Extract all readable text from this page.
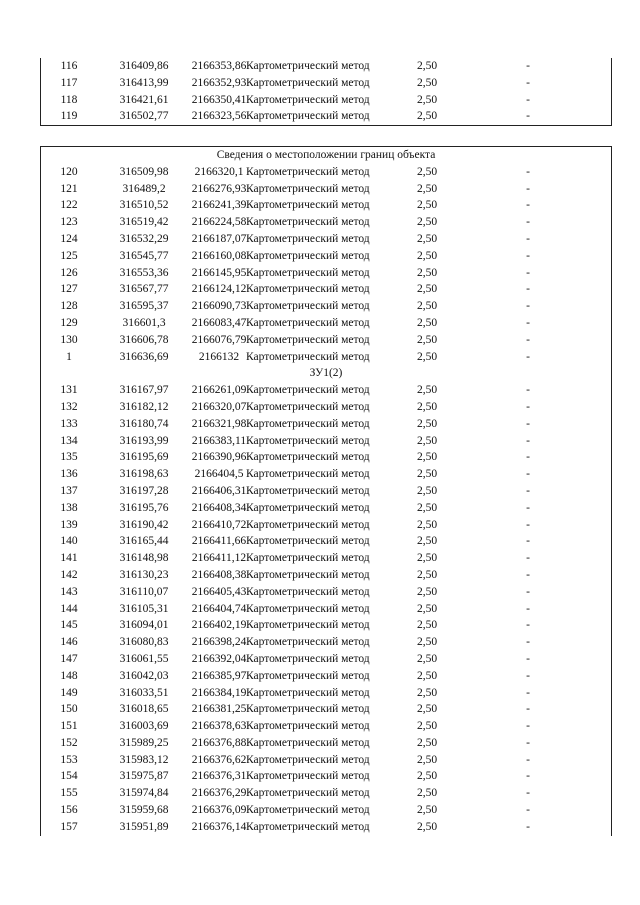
116	316409,86	2166353,86 Картометрический метод	2,50	-
117	316413,99	2166352,93 Картометрический метод	2,50	-
118	316421,61	2166350,41 Картометрический метод	2,50	-
119	316502,77	2166323,56 Картометрический метод	2,50	-
Сведения о местоположении границ объекта
120	316509,98	2166320,1 Картометрический метод	2,50	-
121	316489,2	2166276,93 Картометрический метод	2,50	-
122	316510,52	2166241,39 Картометрический метод	2,50	-
123	316519,42	2166224,58 Картометрический метод	2,50	-
124	316532,29	2166187,07 Картометрический метод	2,50	-
125	316545,77	2166160,08 Картометрический метод	2,50	-
126	316553,36	2166145,95 Картометрический метод	2,50	-
127	316567,77	2166124,12 Картометрический метод	2,50	-
128	316595,37	2166090,73 Картометрический метод	2,50	-
129	316601,3	2166083,47 Картометрический метод	2,50	-
130	316606,78	2166076,79 Картометрический метод	2,50	-
1	316636,69	2166132 Картометрический метод	2,50	-
ЗУ1(2)
131	316167,97	2166261,09 Картометрический метод	2,50	-
132	316182,12	2166320,07 Картометрический метод	2,50	-
133	316180,74	2166321,98 Картометрический метод	2,50	-
134	316193,99	2166383,11 Картометрический метод	2,50	-
135	316195,69	2166390,96 Картометрический метод	2,50	-
136	316198,63	2166404,5 Картометрический метод	2,50	-
137	316197,28	2166406,31 Картометрический метод	2,50	-
138	316195,76	2166408,34 Картометрический метод	2,50	-
139	316190,42	2166410,72 Картометрический метод	2,50	-
140	316165,44	2166411,66 Картометрический метод	2,50	-
141	316148,98	2166411,12 Картометрический метод	2,50	-
142	316130,23	2166408,38 Картометрический метод	2,50	-
143	316110,07	2166405,43 Картометрический метод	2,50	-
144	316105,31	2166404,74 Картометрический метод	2,50	-
145	316094,01	2166402,19 Картометрический метод	2,50	-
146	316080,83	2166398,24 Картометрический метод	2,50	-
147	316061,55	2166392,04 Картометрический метод	2,50	-
148	316042,03	2166385,97 Картометрический метод	2,50	-
149	316033,51	2166384,19 Картометрический метод	2,50	-
150	316018,65	2166381,25 Картометрический метод	2,50	-
151	316003,69	2166378,63 Картометрический метод	2,50	-
152	315989,25	2166376,88 Картометрический метод	2,50	-
153	315983,12	2166376,62 Картометрический метод	2,50	-
154	315975,87	2166376,31 Картометрический метод	2,50	-
155	315974,84	2166376,29 Картометрический метод	2,50	-
156	315959,68	2166376,09 Картометрический метод	2,50	-
157	315951,89	2166376,14 Картометрический метод	2,50	-
